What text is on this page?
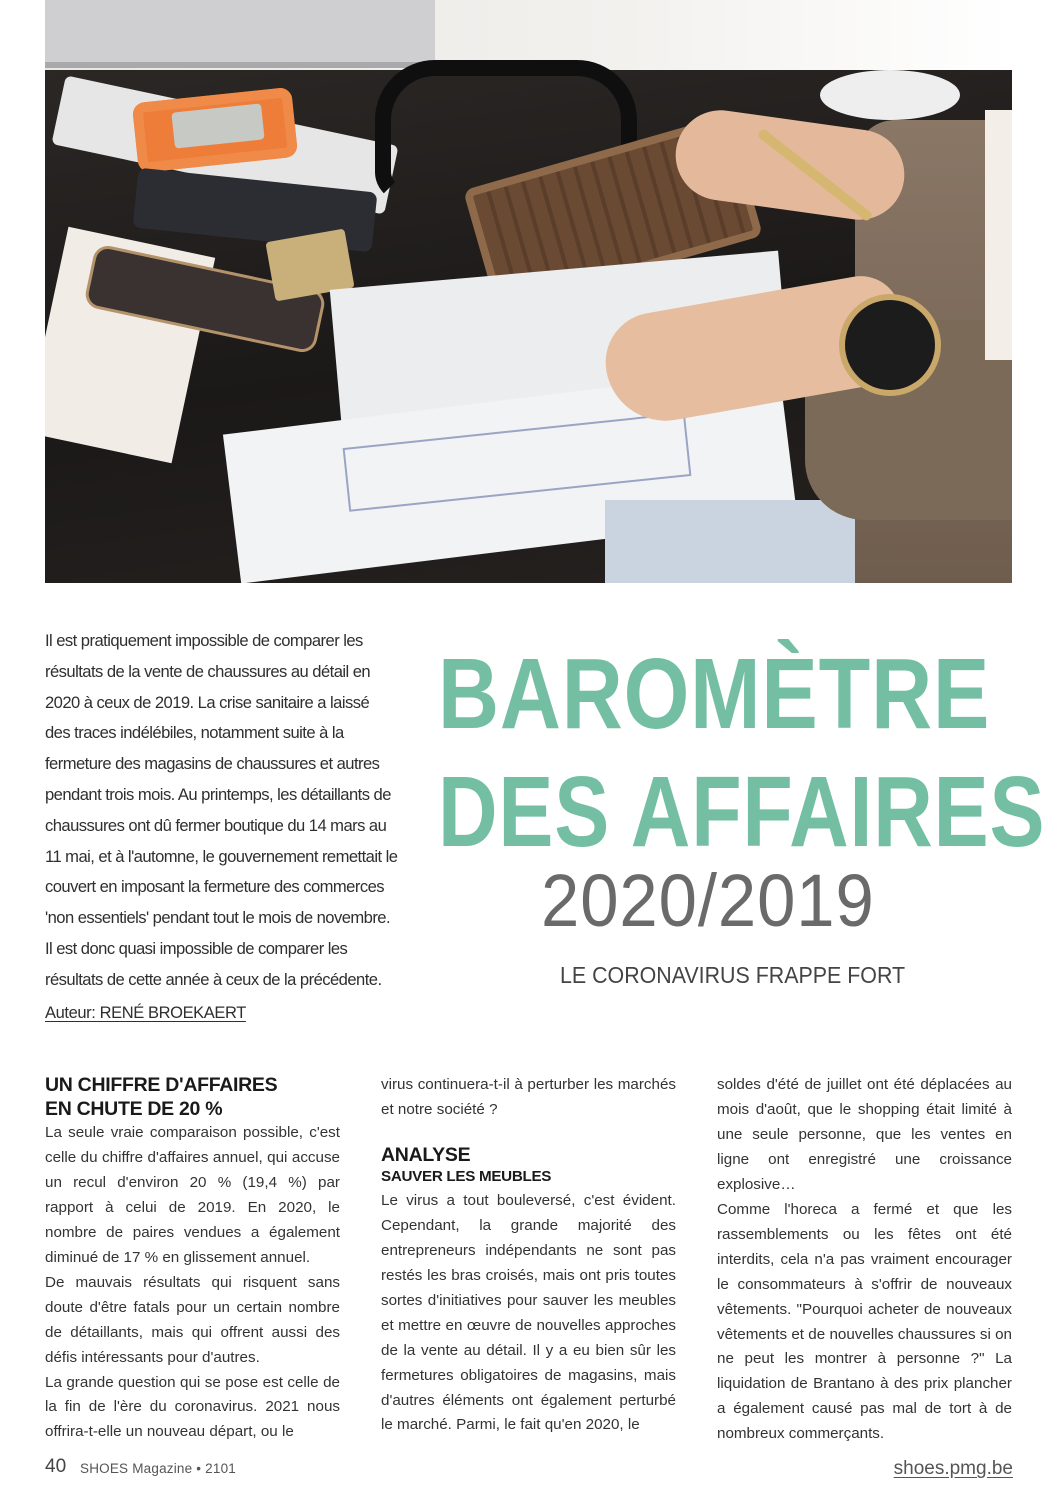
Il est pratiquement impossible de comparer les
résultats de la vente de chaussures au détail en
2020 à ceux de 2019. La crise sanitaire a laissé
des traces indélébiles, notamment suite à la
fermeture des magasins de chaussures et autres
pendant trois mois. Au printemps, les détaillants de
chaussures ont dû fermer boutique du 14 mars au
11 mai, et à l'automne, le gouvernement remettait le
couvert en imposant la fermeture des commerces
'non essentiels' pendant tout le mois de novembre.
Il est donc quasi impossible de comparer les
résultats de cette année à ceux de la précédente.
Auteur: RENÉ BROEKAERT
BAROMÈTRE
DES AFFAIRES
2020/2019
LE CORONAVIRUS FRAPPE FORT
UN CHIFFRE D'AFFAIRES
EN CHUTE DE 20 %

La seule vraie comparaison possible, c'est celle du chiffre d'affaires annuel, qui accuse un recul d'environ 20 % (19,4 %) par rapport à celui de 2019. En 2020, le nombre de paires vendues a également diminué de 17 % en glissement annuel.

De mauvais résultats qui risquent sans doute d'être fatals pour un certain nombre de détaillants, mais qui offrent aussi des défis intéressants pour d'autres.

La grande question qui se pose est celle de la fin de l'ère du coronavirus. 2021 nous offrira-t-elle un nouveau départ, ou le

virus continuera-t-il à perturber les marchés et notre société ?

ANALYSE
SAUVER LES MEUBLES

Le virus a tout bouleversé, c'est évident. Cependant, la grande majorité des entrepreneurs indépendants ne sont pas restés les bras croisés, mais ont pris toutes sortes d'initiatives pour sauver les meubles et mettre en œuvre de nouvelles approches de la vente au détail. Il y a eu bien sûr les fermetures obligatoires de magasins, mais d'autres éléments ont également perturbé le marché. Parmi, le fait qu'en 2020, le

soldes d'été de juillet ont été déplacées au mois d'août, que le shopping était limité à une seule personne, que les ventes en ligne ont enregistré une croissance explosive…

Comme l'horeca a fermé et que les rassemblements ou les fêtes ont été interdits, cela n'a pas vraiment encourager le consommateurs à s'offrir de nouveaux vêtements. "Pourquoi acheter de nouveaux vêtements et de nouvelles chaussures si on ne peut les montrer à personne ?" La liquidation de Brantano à des prix plancher a également causé pas mal de tort à de nombreux commerçants.

40 SHOES Magazine • 2101	shoes.pmg.be
